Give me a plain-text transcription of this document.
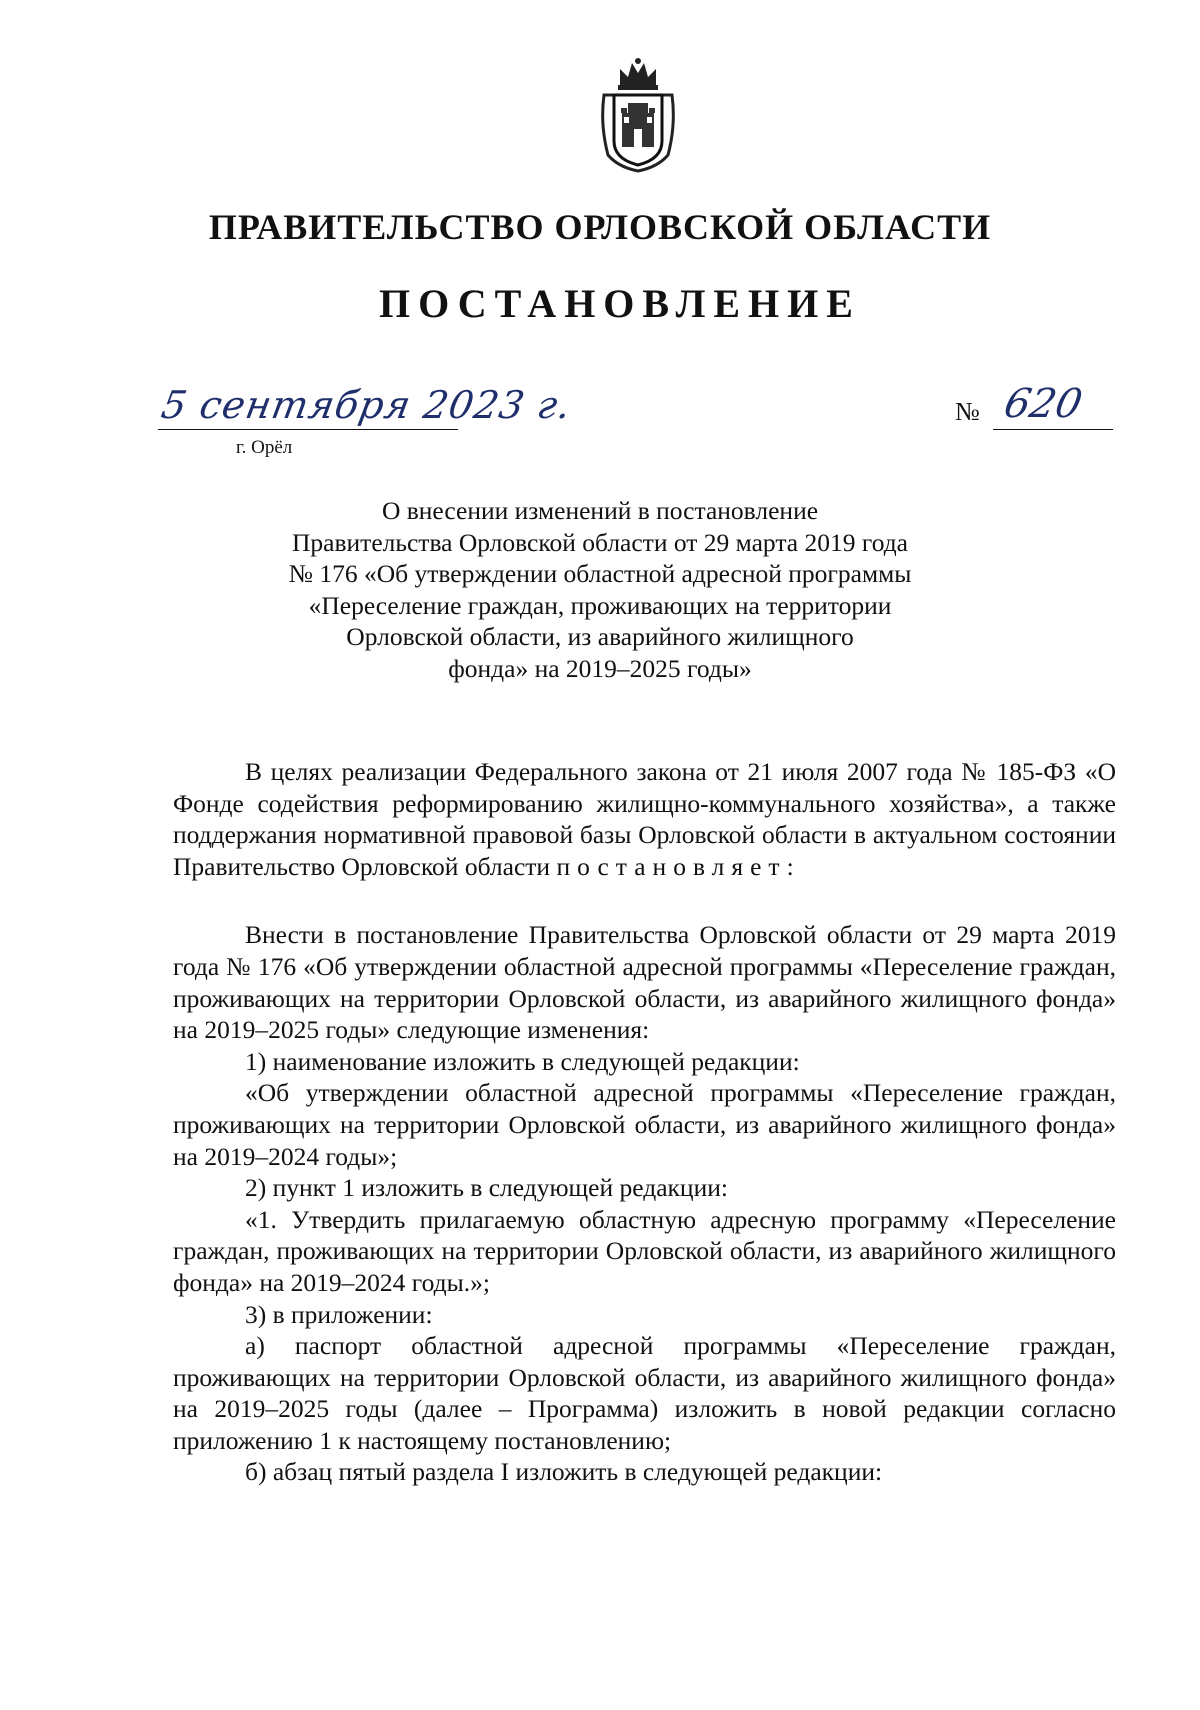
ПРАВИТЕЛЬСТВО ОРЛОВСКОЙ ОБЛАСТИ
ПОСТАНОВЛЕНИЕ
5 сентября 2023 г.
г. Орёл
№ 620
О внесении изменений в постановление
Правительства Орловской области от 29 марта 2019 года
№ 176 «Об утверждении областной адресной программы
«Переселение граждан, проживающих на территории
Орловской области, из аварийного жилищного
фонда» на 2019–2025 годы»

В целях реализации Федерального закона от 21 июля 2007 года № 185-ФЗ «О Фонде содействия реформированию жилищно-коммунального хозяйства», а также поддержания нормативной правовой базы Орловской области в актуальном состоянии Правительство Орловской области постановляет:

Внести в постановление Правительства Орловской области от 29 марта 2019 года № 176 «Об утверждении областной адресной программы «Переселение граждан, проживающих на территории Орловской области, из аварийного жилищного фонда» на 2019–2025 годы» следующие изменения:

1) наименование изложить в следующей редакции:

«Об утверждении областной адресной программы «Переселение граждан, проживающих на территории Орловской области, из аварийного жилищного фонда» на 2019–2024 годы»;

2) пункт 1 изложить в следующей редакции:

«1. Утвердить прилагаемую областную адресную программу «Переселение граждан, проживающих на территории Орловской области, из аварийного жилищного фонда» на 2019–2024 годы.»;

3) в приложении:

а) паспорт областной адресной программы «Переселение граждан, проживающих на территории Орловской области, из аварийного жилищного фонда» на 2019–2025 годы (далее – Программа) изложить в новой редакции согласно приложению 1 к настоящему постановлению;

б) абзац пятый раздела I изложить в следующей редакции:
